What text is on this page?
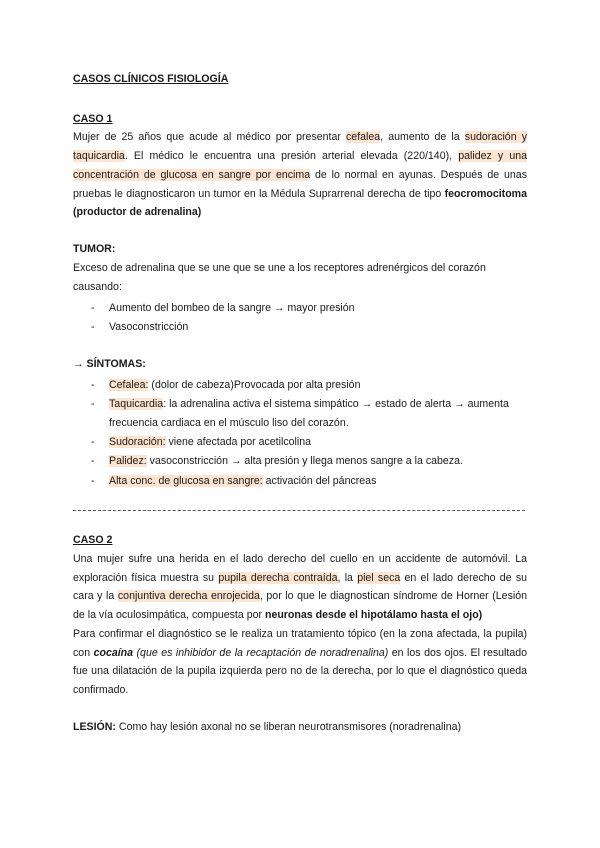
CASOS CLÍNICOS FISIOLOGÍA

CASO 1

Mujer de 25 años que acude al médico por presentar cefalea, aumento de la sudoración y taquicardia. El médico le encuentra una presión arterial elevada (220/140), palidez y una concentración de glucosa en sangre por encima de lo normal en ayunas. Después de unas pruebas le diagnosticaron un tumor en la Médula Suprarrenal derecha de tipo feocromocitoma (productor de adrenalina)

TUMOR:

Exceso de adrenalina que se une que se une a los receptores adrenérgicos del corazón causando:

- Aumento del bombeo de la sangre → mayor presión
- Vasoconstricción

→ SÍNTOMAS:

- Cefalea: (dolor de cabeza)Provocada por alta presión
- Taquicardia: la adrenalina activa el sistema simpático → estado de alerta → aumenta frecuencia cardiaca en el músculo liso del corazón.
- Sudoración: viene afectada por acetilcolina
- Palidez: vasoconstricción → alta presión y llega menos sangre a la cabeza.
- Alta conc. de glucosa en sangre: activación del páncreas

CASO 2

Una mujer sufre una herida en el lado derecho del cuello en un accidente de automóvil. La exploración física muestra su pupila derecha contraída, la piel seca en el lado derecho de su cara y la conjuntiva derecha enrojecida, por lo que le diagnostican síndrome de Horner (Lesión de la vía oculosimpática, compuesta por neuronas desde el hipotálamo hasta el ojo)

Para confirmar el diagnóstico se le realiza un tratamiento tópico (en la zona afectada, la pupila) con cocaína (que es inhibidor de la recaptación de noradrenalina) en los dos ojos. El resultado fue una dilatación de la pupila izquierda pero no de la derecha, por lo que el diagnóstico queda confirmado.

LESIÓN: Como hay lesión axonal no se liberan neurotransmisores (noradrenalina)
